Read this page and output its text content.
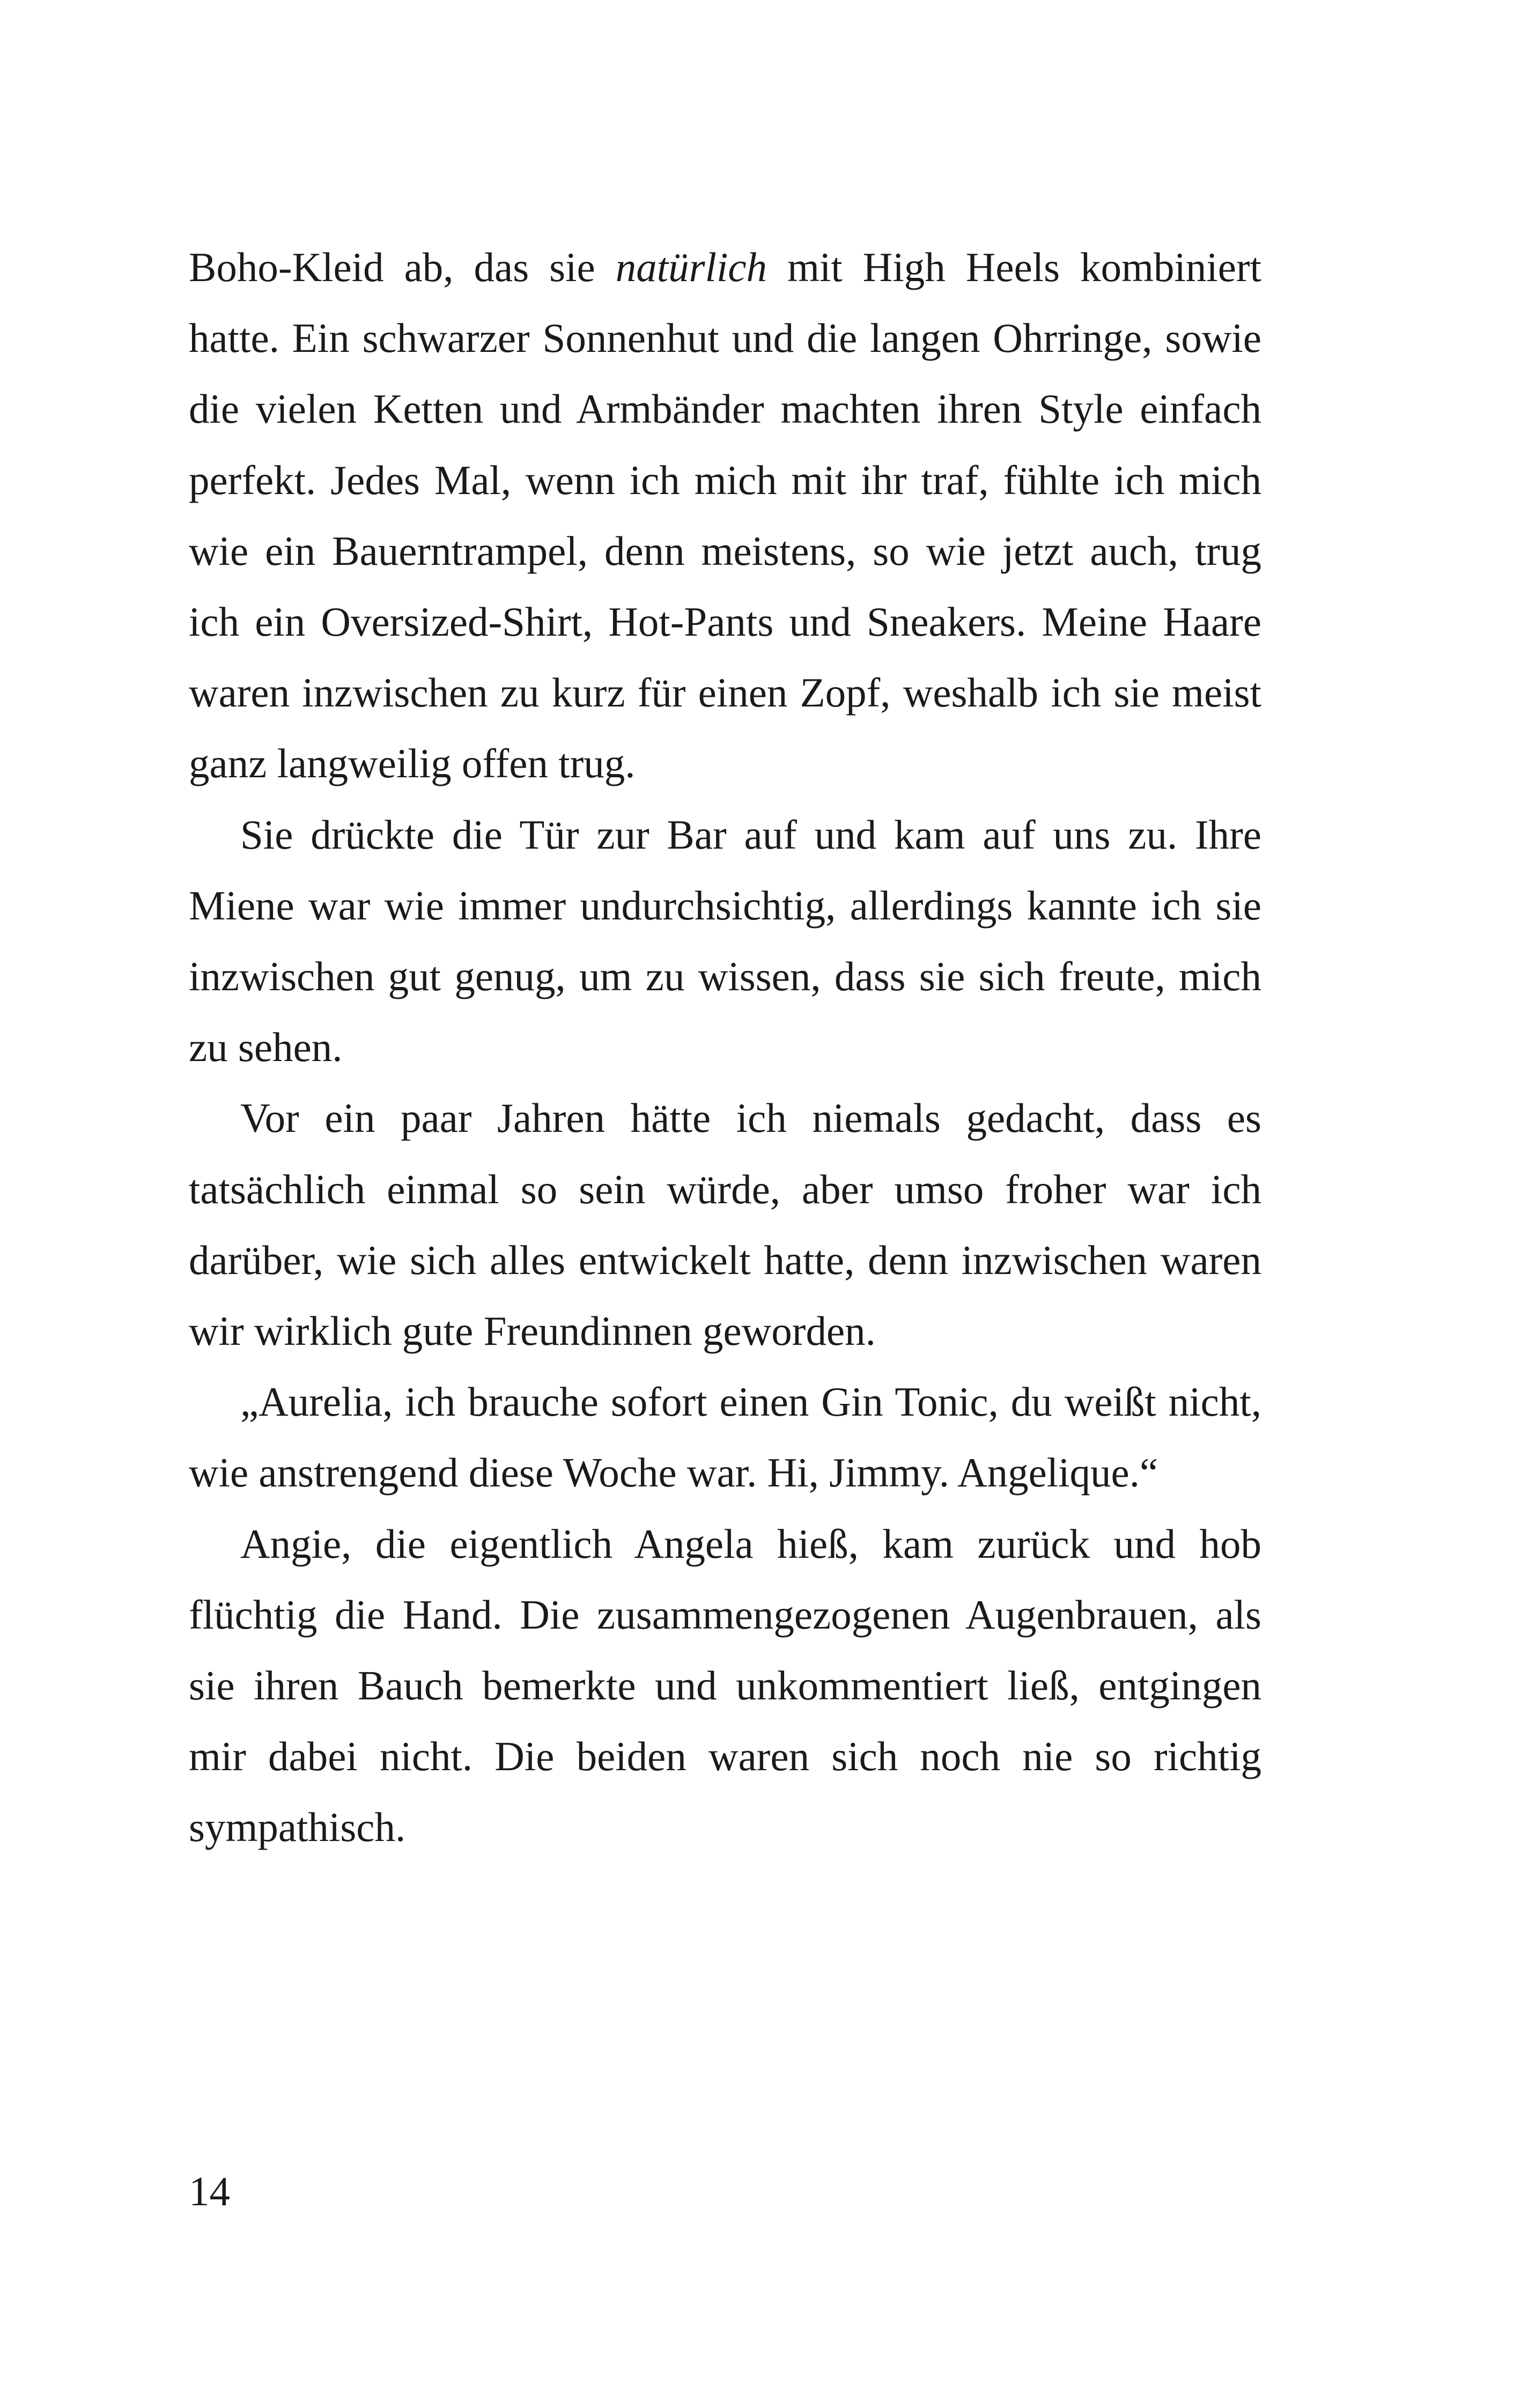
Boho-Kleid ab, das sie natürlich mit High Heels kombiniert hatte. Ein schwarzer Sonnenhut und die langen Ohrringe, sowie die vielen Ketten und Armbänder machten ihren Style einfach perfekt. Jedes Mal, wenn ich mich mit ihr traf, fühlte ich mich wie ein Bauerntrampel, denn meistens, so wie jetzt auch, trug ich ein Oversized-Shirt, Hot-Pants und Sneakers. Meine Haare waren inzwischen zu kurz für einen Zopf, weshalb ich sie meist ganz langweilig offen trug.

Sie drückte die Tür zur Bar auf und kam auf uns zu. Ihre Miene war wie immer undurchsichtig, allerdings kannte ich sie inzwischen gut genug, um zu wissen, dass sie sich freute, mich zu sehen.

Vor ein paar Jahren hätte ich niemals gedacht, dass es tatsächlich einmal so sein würde, aber umso froher war ich darüber, wie sich alles entwickelt hatte, denn inzwischen waren wir wirklich gute Freundinnen geworden.

„Aurelia, ich brauche sofort einen Gin Tonic, du weißt nicht, wie anstrengend diese Woche war. Hi, Jimmy. Angelique.“

Angie, die eigentlich Angela hieß, kam zurück und hob flüchtig die Hand. Die zusammengezogenen Augenbrauen, als sie ihren Bauch bemerkte und unkommentiert ließ, entgingen mir dabei nicht. Die beiden waren sich noch nie so richtig sympathisch.

14
